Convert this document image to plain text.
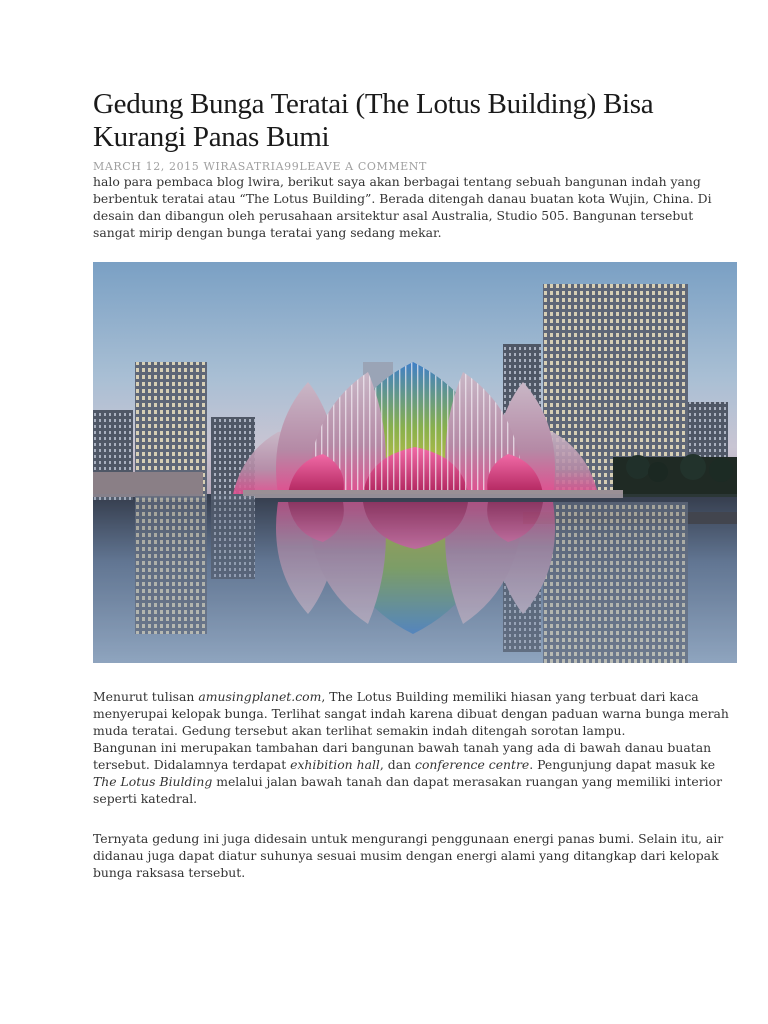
Gedung Bunga Teratai (The Lotus Building) Bisa Kurangi Panas Bumi
MARCH 12, 2015 WIRASATRIA99LEAVE A COMMENT

halo para pembaca blog lwira, berikut saya akan berbagai tentang sebuah bangunan indah yang berbentuk teratai atau “The Lotus Building”. Berada ditengah danau buatan kota Wujin, China. Di desain dan dibangun oleh perusahaan arsitektur asal Australia, Studio 505. Bangunan tersebut sangat mirip dengan bunga teratai yang sedang mekar.

Menurut tulisan amusingplanet.com, The Lotus Building memiliki hiasan yang terbuat dari kaca menyerupai kelopak bunga. Terlihat sangat indah karena dibuat dengan paduan warna bunga merah muda teratai. Gedung tersebut akan terlihat semakin indah ditengah sorotan lampu.

Bangunan ini merupakan tambahan dari bangunan bawah tanah yang ada di bawah danau buatan tersebut. Didalamnya terdapat exhibition hall, dan conference centre. Pengunjung dapat masuk ke The Lotus Biulding melalui jalan bawah tanah dan dapat merasakan ruangan yang memiliki interior seperti katedral.

Ternyata gedung ini juga didesain untuk mengurangi penggunaan energi panas bumi. Selain itu, air didanau juga dapat diatur suhunya sesuai musim dengan energi alami yang ditangkap dari kelopak bunga raksasa tersebut.
